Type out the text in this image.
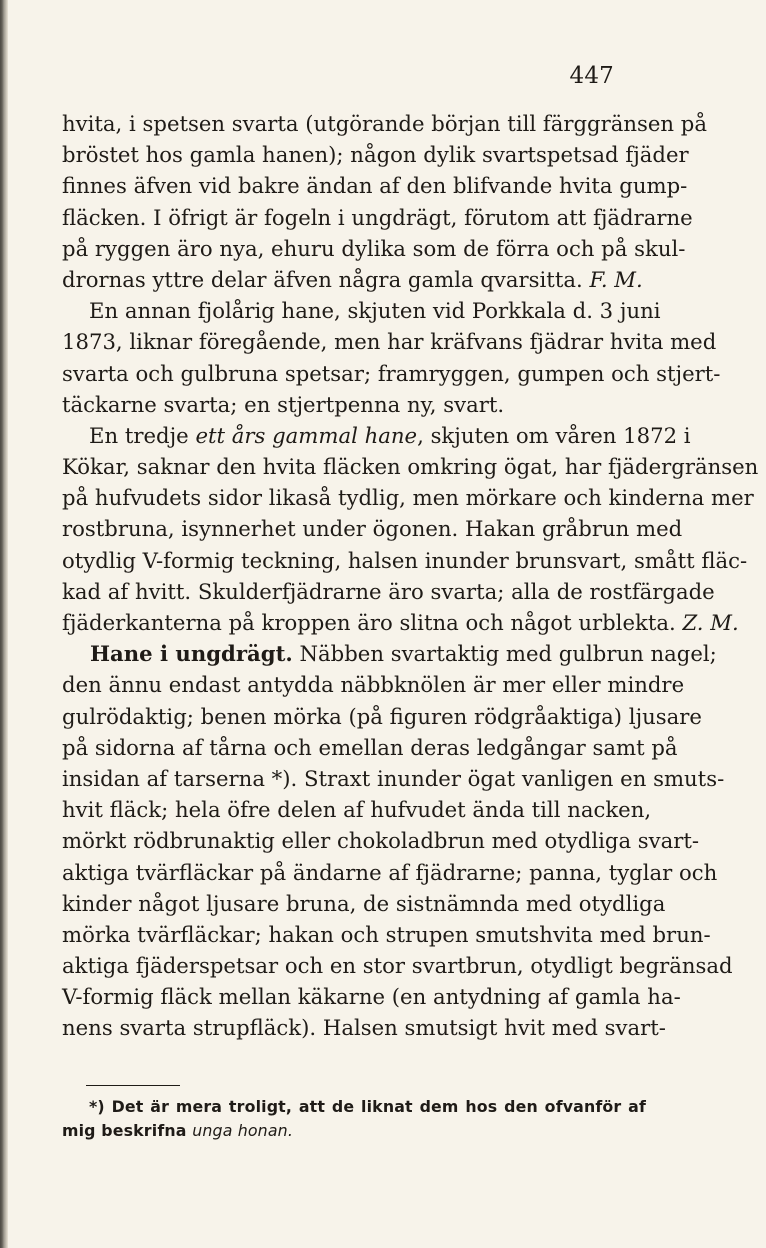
447
hvita, i spetsen svarta (utgörande början till färggränsen på
bröstet hos gamla hanen); någon dylik svartspetsad fjäder
finnes äfven vid bakre ändan af den blifvande hvita gump-
fläcken. I öfrigt är fogeln i ungdrägt, förutom att fjädrarne
på ryggen äro nya, ehuru dylika som de förra och på skul-
drornas yttre delar äfven några gamla qvarsitta. F. M.
En annan fjolårig hane, skjuten vid Porkkala d. 3 juni
1873, liknar föregående, men har kräfvans fjädrar hvita med
svarta och gulbruna spetsar; framryggen, gumpen och stjert-
täckarne svarta; en stjertpenna ny, svart.
En tredje ett års gammal hane, skjuten om våren 1872 i
Kökar, saknar den hvita fläcken omkring ögat, har fjädergränsen
på hufvudets sidor likaså tydlig, men mörkare och kinderna mer
rostbruna, isynnerhet under ögonen. Hakan gråbrun med
otydlig V-formig teckning, halsen inunder brunsvart, smått fläc-
kad af hvitt. Skulderfjädrarne äro svarta; alla de rostfärgade
fjäderkanterna på kroppen äro slitna och något urblekta. Z. M.
Hane i ungdrägt. Näbben svartaktig med gulbrun nagel;
den ännu endast antydda näbbknölen är mer eller mindre
gulrödaktig; benen mörka (på figuren rödgråaktiga) ljusare
på sidorna af tårna och emellan deras ledgångar samt på
insidan af tarserna *). Straxt inunder ögat vanligen en smuts-
hvit fläck; hela öfre delen af hufvudet ända till nacken,
mörkt rödbrunaktig eller chokoladbrun med otydliga svart-
aktiga tvärfläckar på ändarne af fjädrarne; panna, tyglar och
kinder något ljusare bruna, de sistnämnda med otydliga
mörka tvärfläckar; hakan och strupen smutshvita med brun-
aktiga fjäderspetsar och en stor svartbrun, otydligt begränsad
V-formig fläck mellan käkarne (en antydning af gamla ha-
nens svarta strupfläck). Halsen smutsigt hvit med svart-
*) Det är mera troligt, att de liknat dem hos den ofvanför af
mig beskrifna unga honan.
